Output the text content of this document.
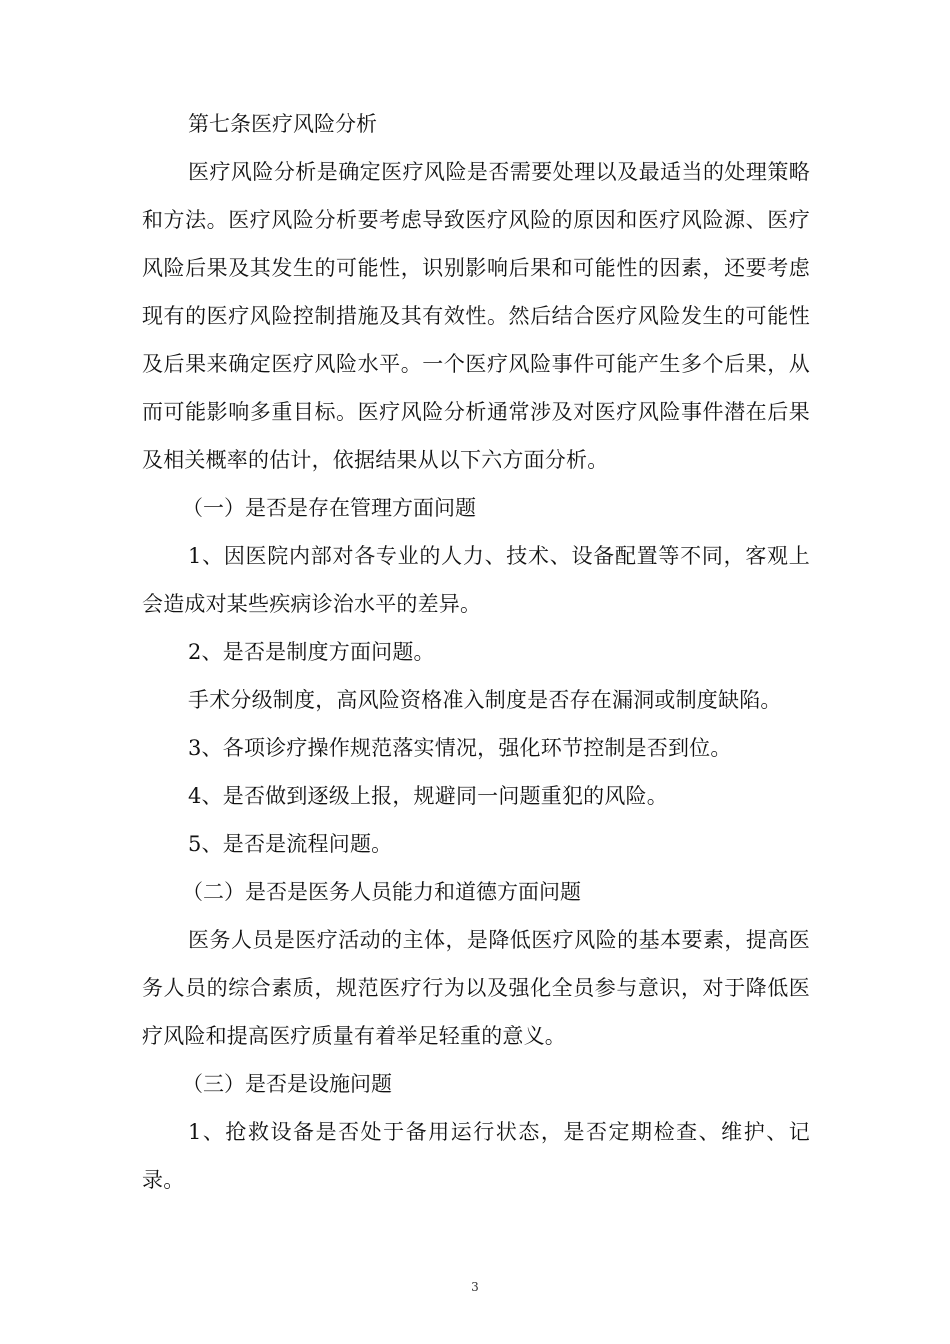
第七条医疗风险分析

医疗风险分析是确定医疗风险是否需要处理以及最适当的处理策略和方法。医疗风险分析要考虑导致医疗风险的原因和医疗风险源、医疗风险后果及其发生的可能性，识别影响后果和可能性的因素，还要考虑现有的医疗风险控制措施及其有效性。然后结合医疗风险发生的可能性及后果来确定医疗风险水平。一个医疗风险事件可能产生多个后果，从而可能影响多重目标。医疗风险分析通常涉及对医疗风险事件潜在后果及相关概率的估计，依据结果从以下六方面分析。

（一）是否是存在管理方面问题

1、因医院内部对各专业的人力、技术、设备配置等不同，客观上会造成对某些疾病诊治水平的差异。

2、是否是制度方面问题。

手术分级制度，高风险资格准入制度是否存在漏洞或制度缺陷。

3、各项诊疗操作规范落实情况，强化环节控制是否到位。

4、是否做到逐级上报，规避同一问题重犯的风险。

5、是否是流程问题。

（二）是否是医务人员能力和道德方面问题

医务人员是医疗活动的主体，是降低医疗风险的基本要素，提高医务人员的综合素质，规范医疗行为以及强化全员参与意识，对于降低医疗风险和提高医疗质量有着举足轻重的意义。

（三）是否是设施问题

1、抢救设备是否处于备用运行状态，是否定期检查、维护、记录。

3
